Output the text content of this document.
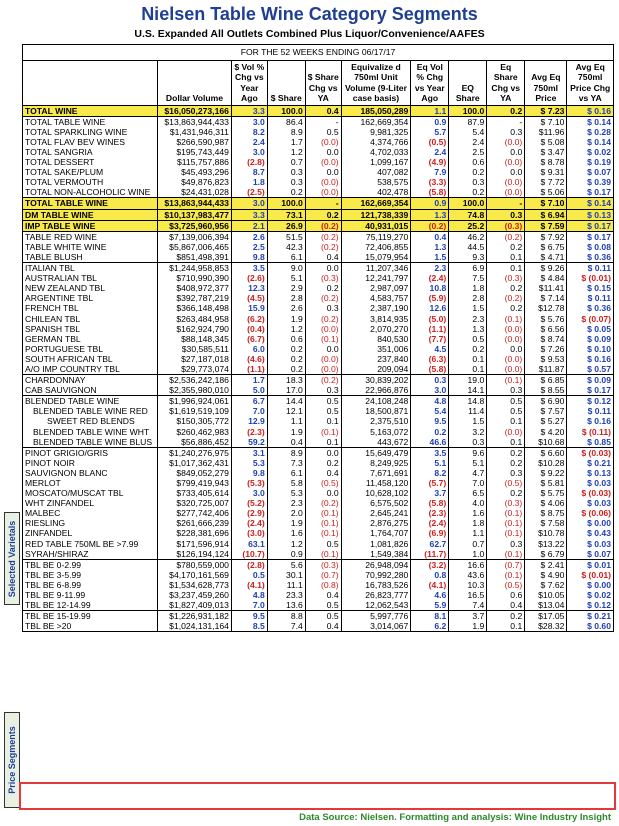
Nielsen Table Wine Category Segments
U.S. Expanded All Outlets Combined Plus Liquor/Convenience/AAFES
FOR THE 52 WEEKS ENDING 06/17/17										
	Dollar Volume	$ Vol % Chg vs Year Ago	$ Share	$ Share Chg vs YA	Equivalize d 750ml Unit Volume (9-Liter case basis)	Eq Vol % Chg vs Year Ago	EQ Share	Eq Share Chg vs YA	Avg Eq 750ml Price	Avg Eq 750ml Price Chg vs YA
TOTAL WINE	$16,050,273,166	3.3	100.0	0.4	185,050,289	1.1	100.0	0.2	$ 7.23	$ 0.16
TOTAL TABLE WINE	$13,863,944,433	3.0	86.4	-	162,669,354	0.9	87.9	-	$ 7.10	$ 0.14
TOTAL SPARKLING WINE	$1,431,946,311	8.2	8.9	0.5	9,981,325	5.7	5.4	0.3	$11.96	$ 0.28
TOTAL FLAV BEV WINES	$266,590,987	2.4	1.7	(0.0)	4,374,766	(0.5)	2.4	(0.0)	$ 5.08	$ 0.14
TOTAL SANGRIA	$195,743,449	3.0	1.2	0.0	4,702,033	2.4	2.5	0.0	$ 3.47	$ 0.02
TOTAL DESSERT	$115,757,886	(2.8)	0.7	(0.0)	1,099,167	(4.9)	0.6	(0.0)	$ 8.78	$ 0.19
TOTAL SAKE/PLUM	$45,493,296	8.7	0.3	0.0	407,082	7.9	0.2	0.0	$ 9.31	$ 0.07
TOTAL VERMOUTH	$49,876,823	1.8	0.3	(0.0)	538,575	(3.3)	0.3	(0.0)	$ 7.72	$ 0.39
TOTAL NON-ALCOHOLIC WINE	$24,431,028	(2.5)	0.2	(0.0)	402,478	(5.8)	0.2	(0.0)	$ 5.06	$ 0.17
TOTAL TABLE WINE	$13,863,944,433	3.0	100.0	-	162,669,354	0.9	100.0	-	$ 7.10	$ 0.14
DM TABLE WINE	$10,137,983,477	3.3	73.1	0.2	121,738,339	1.3	74.8	0.3	$ 6.94	$ 0.13
IMP TABLE WINE	$3,725,960,956	2.1	26.9	(0.2)	40,931,015	(0.2)	25.2	(0.3)	$ 7.59	$ 0.17
TABLE RED WINE	$7,139,006,394	2.6	51.5	(0.2)	75,119,270	0.4	46.2	(0.2)	$ 7.92	$ 0.17
TABLE WHITE WINE	$5,867,006,465	2.5	42.3	(0.2)	72,406,855	1.3	44.5	0.2	$ 6.75	$ 0.08
TABLE BLUSH	$851,498,391	9.8	6.1	0.4	15,079,954	1.5	9.3	0.1	$ 4.71	$ 0.36
ITALIAN TBL	$1,244,958,853	3.5	9.0	0.0	11,207,346	2.3	6.9	0.1	$ 9.26	$ 0.11
AUSTRALIAN TBL	$710,990,390	(2.6)	5.1	(0.3)	12,241,797	(2.4)	7.5	(0.3)	$ 4.84	$ (0.01)
NEW ZEALAND TBL	$408,972,377	12.3	2.9	0.2	2,987,097	10.8	1.8	0.2	$11.41	$ 0.15
ARGENTINE TBL	$392,787,219	(4.5)	2.8	(0.2)	4,583,757	(5.9)	2.8	(0.2)	$ 7.14	$ 0.11
FRENCH TBL	$366,148,498	15.9	2.6	0.3	2,387,190	12.6	1.5	0.2	$12.78	$ 0.36
CHILEAN TBL	$263,484,958	(6.2)	1.9	(0.2)	3,814,935	(5.0)	2.3	(0.1)	$ 5.76	$ (0.07)
SPANISH TBL	$162,924,790	(0.4)	1.2	(0.0)	2,070,270	(1.1)	1.3	(0.0)	$ 6.56	$ 0.05
GERMAN TBL	$88,148,345	(6.7)	0.6	(0.1)	840,530	(7.7)	0.5	(0.0)	$ 8.74	$ 0.09
PORTUGUESE TBL	$30,585,511	6.0	0.2	0.0	351,006	4.5	0.2	0.0	$ 7.26	$ 0.10
SOUTH AFRICAN TBL	$27,187,018	(4.6)	0.2	(0.0)	237,840	(6.3)	0.1	(0.0)	$ 9.53	$ 0.16
A/O IMP COUNTRY TBL	$29,773,074	(1.1)	0.2	(0.0)	209,094	(5.8)	0.1	(0.0)	$11.87	$ 0.57
CHARDONNAY	$2,536,242,186	1.7	18.3	(0.2)	30,839,202	0.3	19.0	(0.1)	$ 6.85	$ 0.09
CAB SAUVIGNON	$2,355,980,010	5.0	17.0	0.3	22,966,876	3.0	14.1	0.3	$ 8.55	$ 0.17
BLENDED TABLE WINE	$1,996,924,061	6.7	14.4	0.5	24,108,248	4.8	14.8	0.5	$ 6.90	$ 0.12
BLENDED TABLE WINE RED	$1,619,519,109	7.0	12.1	0.5	18,500,871	5.4	11.4	0.5	$ 7.57	$ 0.11
SWEET RED BLENDS	$150,305,772	12.9	1.1	0.1	2,375,510	9.5	1.5	0.1	$ 5.27	$ 0.16
BLENDED TABLE WINE WHT	$260,462,983	(2.3)	1.9	(0.1)	5,163,072	0.2	3.2	(0.0)	$ 4.20	$ (0.11)
BLENDED TABLE WINE BLUS	$56,886,452	59.2	0.4	0.1	443,672	46.6	0.3	0.1	$10.68	$ 0.85
PINOT GRIGIO/GRIS	$1,240,276,975	3.1	8.9	0.0	15,649,479	3.5	9.6	0.2	$ 6.60	$ (0.03)
PINOT NOIR	$1,017,362,431	5.3	7.3	0.2	8,249,925	5.1	5.1	0.2	$10.28	$ 0.21
SAUVIGNON BLANC	$849,052,279	9.8	6.1	0.4	7,671,691	8.2	4.7	0.3	$ 9.22	$ 0.13
MERLOT	$799,419,943	(5.3)	5.8	(0.5)	11,458,120	(5.7)	7.0	(0.5)	$ 5.81	$ 0.03
MOSCATO/MUSCAT TBL	$733,405,614	3.0	5.3	0.0	10,628,102	3.7	6.5	0.2	$ 5.75	$ (0.03)
WHT ZINFANDEL	$320,725,007	(5.2)	2.3	(0.2)	6,575,502	(5.8)	4.0	(0.3)	$ 4.06	$ 0.03
MALBEC	$277,742,406	(2.9)	2.0	(0.1)	2,645,241	(2.3)	1.6	(0.1)	$ 8.75	$ (0.06)
RIESLING	$261,666,239	(2.4)	1.9	(0.1)	2,876,275	(2.4)	1.8	(0.1)	$ 7.58	$ 0.00
ZINFANDEL	$228,381,696	(3.0)	1.6	(0.1)	1,764,707	(6.9)	1.1	(0.1)	$10.78	$ 0.43
RED TABLE 750ML BE >7.99	$171,596,914	63.1	1.2	0.5	1,081,826	62.7	0.7	0.3	$13.22	$ 0.03
SYRAH/SHIRAZ	$126,194,124	(10.7)	0.9	(0.1)	1,549,384	(11.7)	1.0	(0.1)	$ 6.79	$ 0.07
TBL BE 0-2.99	$780,559,000	(2.8)	5.6	(0.3)	26,948,094	(3.2)	16.6	(0.7)	$ 2.41	$ 0.01
TBL BE 3-5.99	$4,170,161,569	0.5	30.1	(0.7)	70,992,280	0.8	43.6	(0.1)	$ 4.90	$ (0.01)
TBL BE 6-8.99	$1,534,628,773	(4.1)	11.1	(0.8)	16,783,526	(4.1)	10.3	(0.5)	$ 7.62	$ 0.00
TBL BE 9-11.99	$3,237,459,260	4.8	23.3	0.4	26,823,777	4.6	16.5	0.6	$10.05	$ 0.02
TBL BE 12-14.99	$1,827,409,013	7.0	13.6	0.5	12,062,543	5.9	7.4	0.4	$13.04	$ 0.12
TBL BE 15-19.99	$1,226,931,182	9.5	8.8	0.5	5,997,776	8.1	3.7	0.2	$17.05	$ 0.21
TBL BE >20	$1,024,131,164	8.5	7.4	0.4	3,014,067	6.2	1.9	0.1	$28.32	$ 0.60
Selected Varietals
Price Segments
Data Source: Nielsen. Formatting and analysis: Wine Industry Insight
